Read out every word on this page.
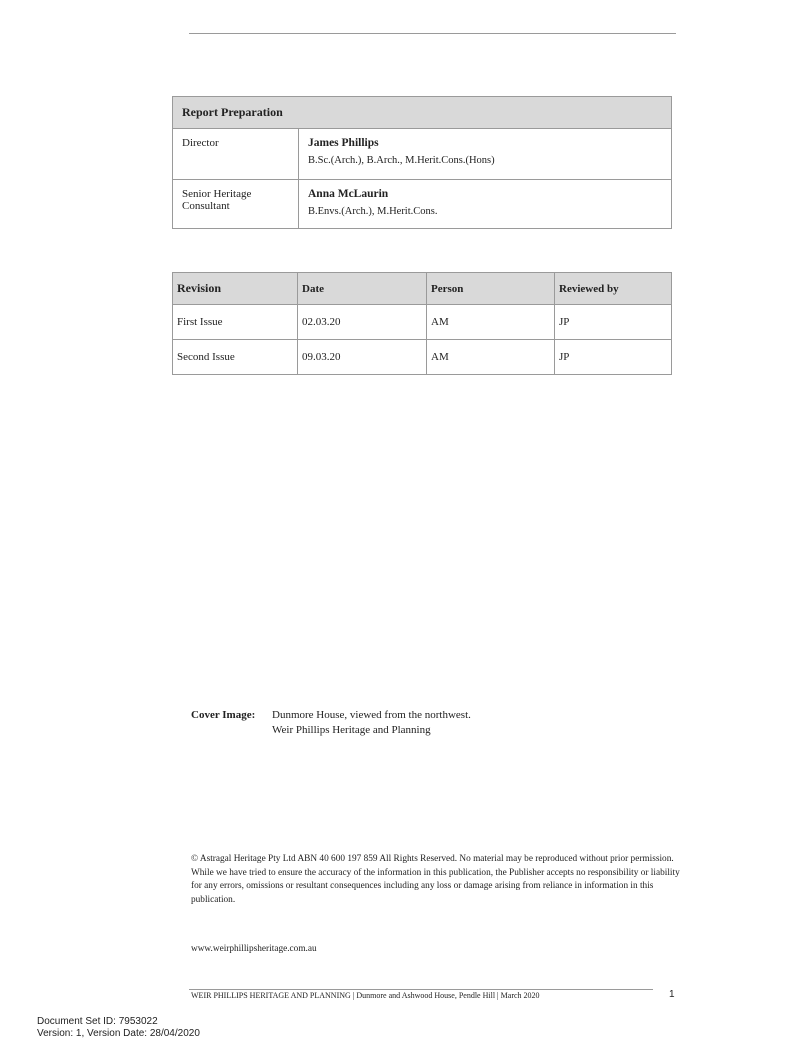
Report Preparation	
Director	James Phillips
B.Sc.(Arch.), B.Arch., M.Herit.Cons.(Hons)

Senior Heritage Consultant	Anna McLaurin
B.Envs.(Arch.), M.Herit.Cons.
Revision	Date	Person	Reviewed by
First Issue	02.03.20	AM	JP
Second Issue	09.03.20	AM	JP
Cover Image: Dunmore House, viewed from the northwest.
Weir Phillips Heritage and Planning
© Astragal Heritage Pty Ltd ABN 40 600 197 859 All Rights Reserved. No material may be reproduced without prior permission. While we have tried to ensure the accuracy of the information in this publication, the Publisher accepts no responsibility or liability for any errors, omissions or resultant consequences including any loss or damage arising from reliance in information in this publication.
www.weirphillipsheritage.com.au
WEIR PHILLIPS HERITAGE AND PLANNING | Dunmore and Ashwood House, Pendle Hill | March 2020	1
Document Set ID: 7953022
Version: 1, Version Date: 28/04/2020
